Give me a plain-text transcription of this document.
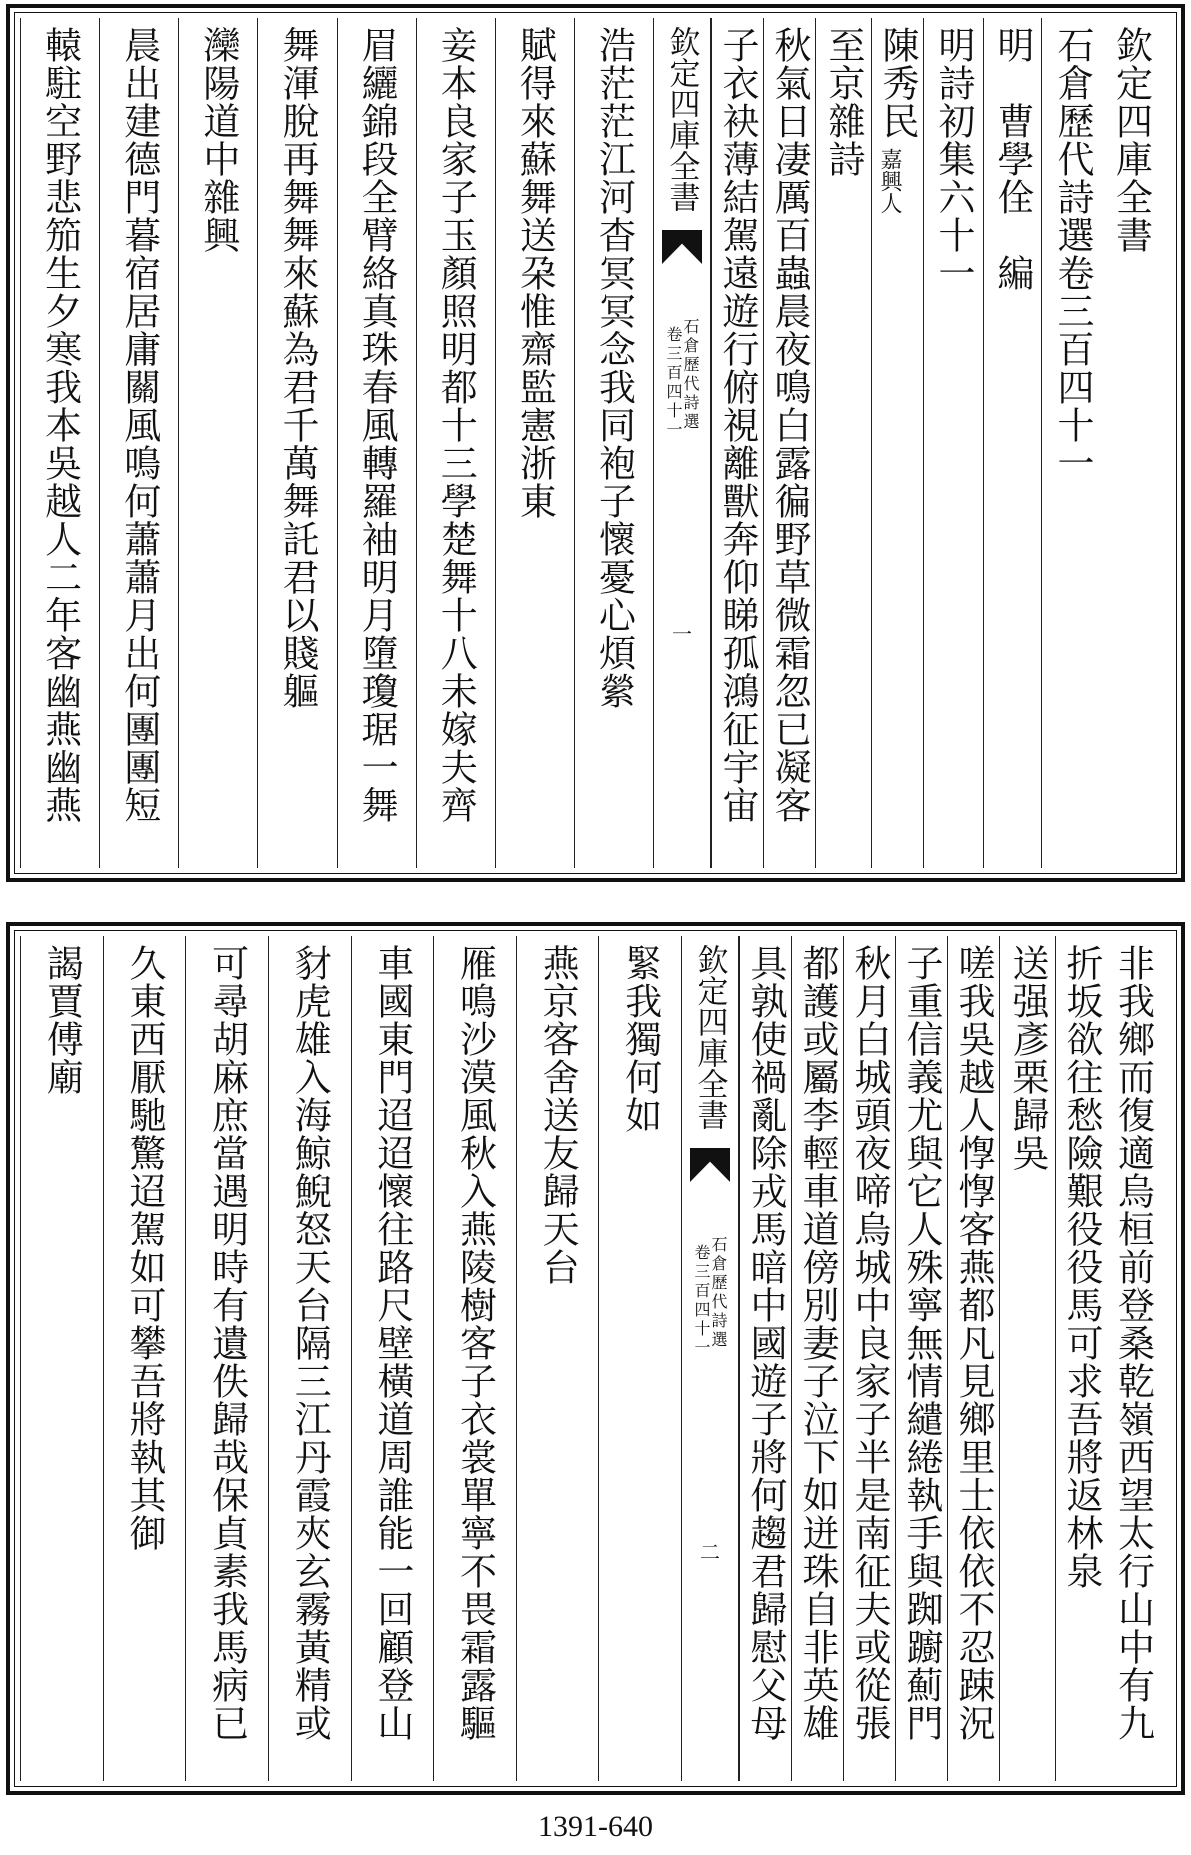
欽定四庫全書
石倉歷代詩選卷三百四十一
明　曹學佺　編
明詩初集六十一
陳秀民
嘉興人
至京雜詩
秋氣日凄厲百蟲晨夜鳴白露徧野草微霜忽已凝客
子衣袂薄結駕遠遊行俯視離獸奔仰睇孤鴻征宇宙
浩茫茫江河杳冥冥念我同袍子懷憂心煩縈
賦得來蘇舞送朶惟齋監憲浙東
妾本良家子玉顏照明都十三學楚舞十八未嫁夫齊
眉纚錦段全臂絡真珠春風轉羅袖明月墮瓊琚一舞
舞渾脫再舞舞來蘇為君千萬舞託君以賤軀
灤陽道中雜興
晨出建德門暮宿居庸關風鳴何蕭蕭月出何團團短
轅駐空野悲笳生夕寒我本吳越人二年客幽燕幽燕	欽定四庫全書
石倉歷代詩選
卷三百四十一
一
非我鄉而復適烏桓前登桑乾嶺西望太行山中有九
折坂欲往愁險艱役役馬可求吾將返林泉
送强彥栗歸吳
嗟我吳越人惸惸客燕都凡見鄉里士依依不忍踈況
子重信義尤與它人殊寧無情繾綣執手與踟躕薊門
秋月白城頭夜啼烏城中良家子半是南征夫或從張
都護或屬李輕車道傍別妻子泣下如迸珠自非英雄
具孰使禍亂除戎馬暗中國遊子將何趨君歸慰父母
緊我獨何如
燕京客舍送友歸天台
雁鳴沙漠風秋入燕陵樹客子衣裳單寧不畏霜露驅
車國東門迢迢懷往路尺壁橫道周誰能一回顧登山
豺虎雄入海鯨鯢怒天台隔三江丹霞夾玄霧黃精或
可尋胡麻庶當遇明時有遺佚歸哉保貞素我馬病已
久東西厭馳驚迢駕如可攀吾將執其御
謁賈傅廟	欽定四庫全書
石倉歷代詩選
卷三百四十一
二
1391-640
